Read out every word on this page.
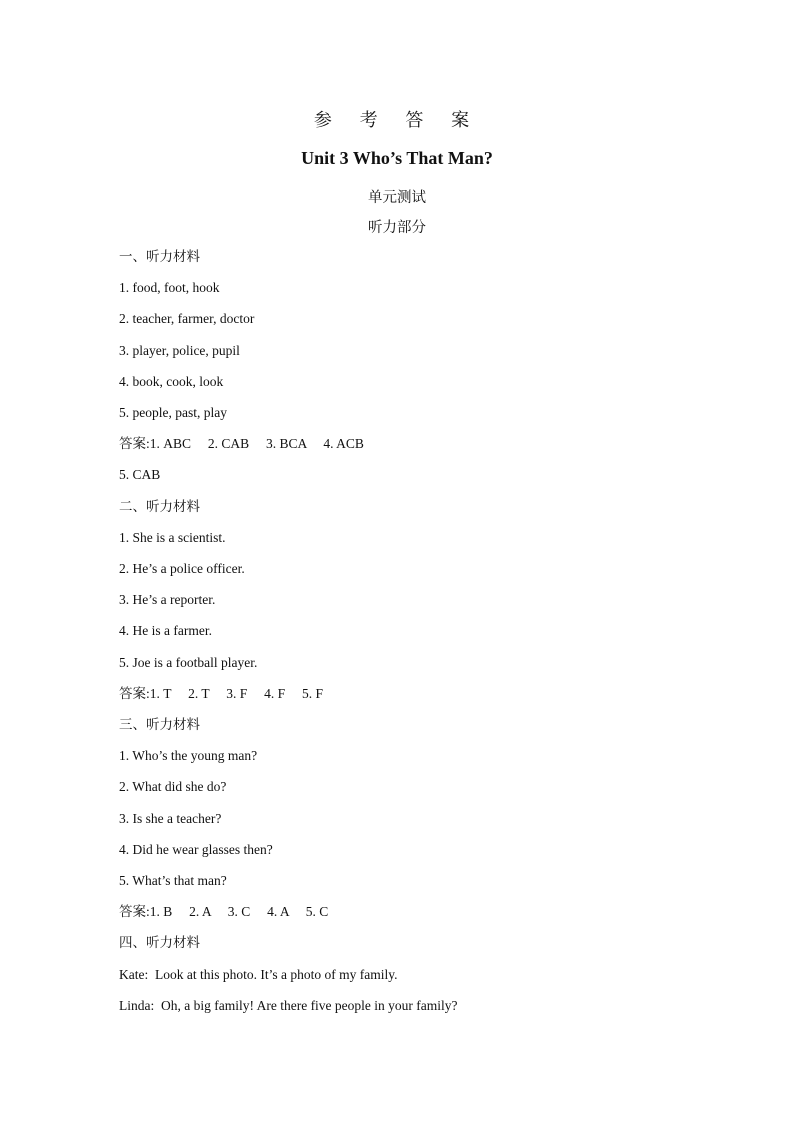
参 考 答 案
Unit 3 Who’s That Man?
单元测试
听力部分
一、听力材料
1. food, foot, hook
2. teacher, farmer, doctor
3. player, police, pupil
4. book, cook, look
5. people, past, play
答案:1. ABC     2. CAB     3. BCA     4. ACB
5. CAB
二、听力材料
1. She is a scientist.
2. He’s a police officer.
3. He’s a reporter.
4. He is a farmer.
5. Joe is a football player.
答案:1. T     2. T     3. F     4. F     5. F
三、听力材料
1. Who’s the young man?
2. What did she do?
3. Is she a teacher?
4. Did he wear glasses then?
5. What’s that man?
答案:1. B     2. A     3. C     4. A     5. C
四、听力材料
Kate:  Look at this photo. It’s a photo of my family.
Linda:  Oh, a big family! Are there five people in your family?
